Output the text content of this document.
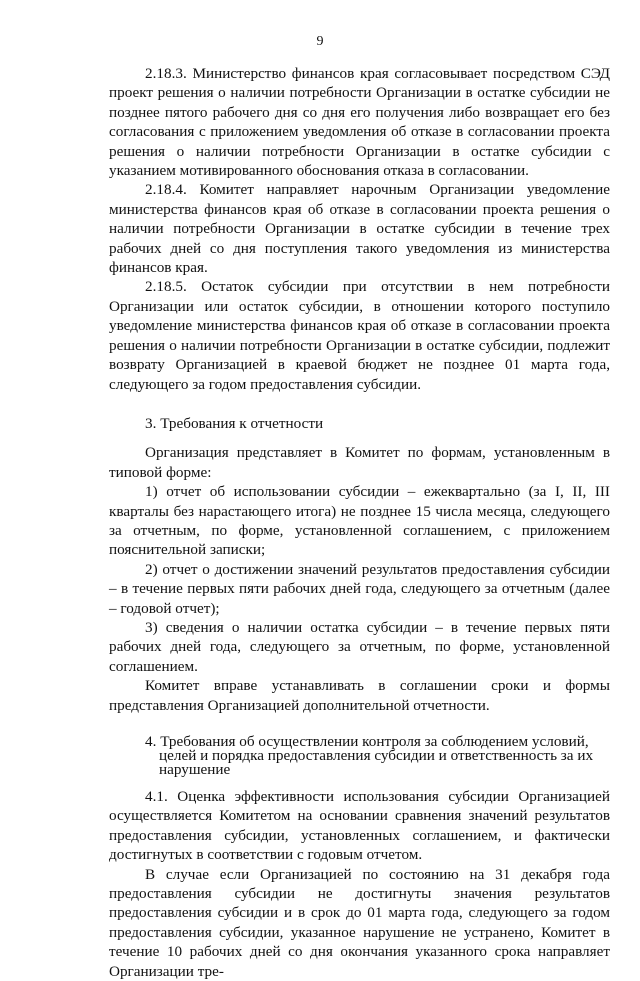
9

2.18.3. Министерство финансов края согласовывает посредством СЭД проект решения о наличии потребности Организации в остатке субсидии не позднее пятого рабочего дня со дня его получения либо возвращает его без согласования с приложением уведомления об отказе в согласовании проекта решения о наличии потребности Организации в остатке субсидии с указанием мотивированного обоснования отказа в согласовании.

2.18.4. Комитет направляет нарочным Организации уведомление министерства финансов края об отказе в согласовании проекта решения о наличии потребности Организации в остатке субсидии в течение трех рабочих дней со дня поступления такого уведомления из министерства финансов края.

2.18.5. Остаток субсидии при отсутствии в нем потребности Организации или остаток субсидии, в отношении которого поступило уведомление министерства финансов края об отказе в согласовании проекта решения о наличии потребности Организации в остатке субсидии, подлежит возврату Организацией в краевой бюджет не позднее 01 марта года, следующего за годом предоставления субсидии.

3. Требования к отчетности

Организация представляет в Комитет по формам, установленным в типовой форме:

1) отчет об использовании субсидии – ежеквартально (за I, II, III кварталы без нарастающего итога) не позднее 15 числа месяца, следующего за отчетным, по форме, установленной соглашением, с приложением пояснительной записки;

2) отчет о достижении значений результатов предоставления субсидии – в течение первых пяти рабочих дней года, следующего за отчетным (далее – годовой отчет);

3) сведения о наличии остатка субсидии – в течение первых пяти рабочих дней года, следующего за отчетным, по форме, установленной соглашением.

Комитет вправе устанавливать в соглашении сроки и формы представления Организацией дополнительной отчетности.

4. Требования об осуществлении контроля за соблюдением условий, целей и порядка предоставления субсидии и ответственность за их нарушение

4.1. Оценка эффективности использования субсидии Организацией осуществляется Комитетом на основании сравнения значений результатов предоставления субсидии, установленных соглашением, и фактически достигнутых в соответствии с годовым отчетом.

В случае если Организацией по состоянию на 31 декабря года предоставления субсидии не достигнуты значения результатов предоставления субсидии и в срок до 01 марта года, следующего за годом предоставления субсидии, указанное нарушение не устранено, Комитет в течение 10 рабочих дней со дня окончания указанного срока направляет Организации тре-
